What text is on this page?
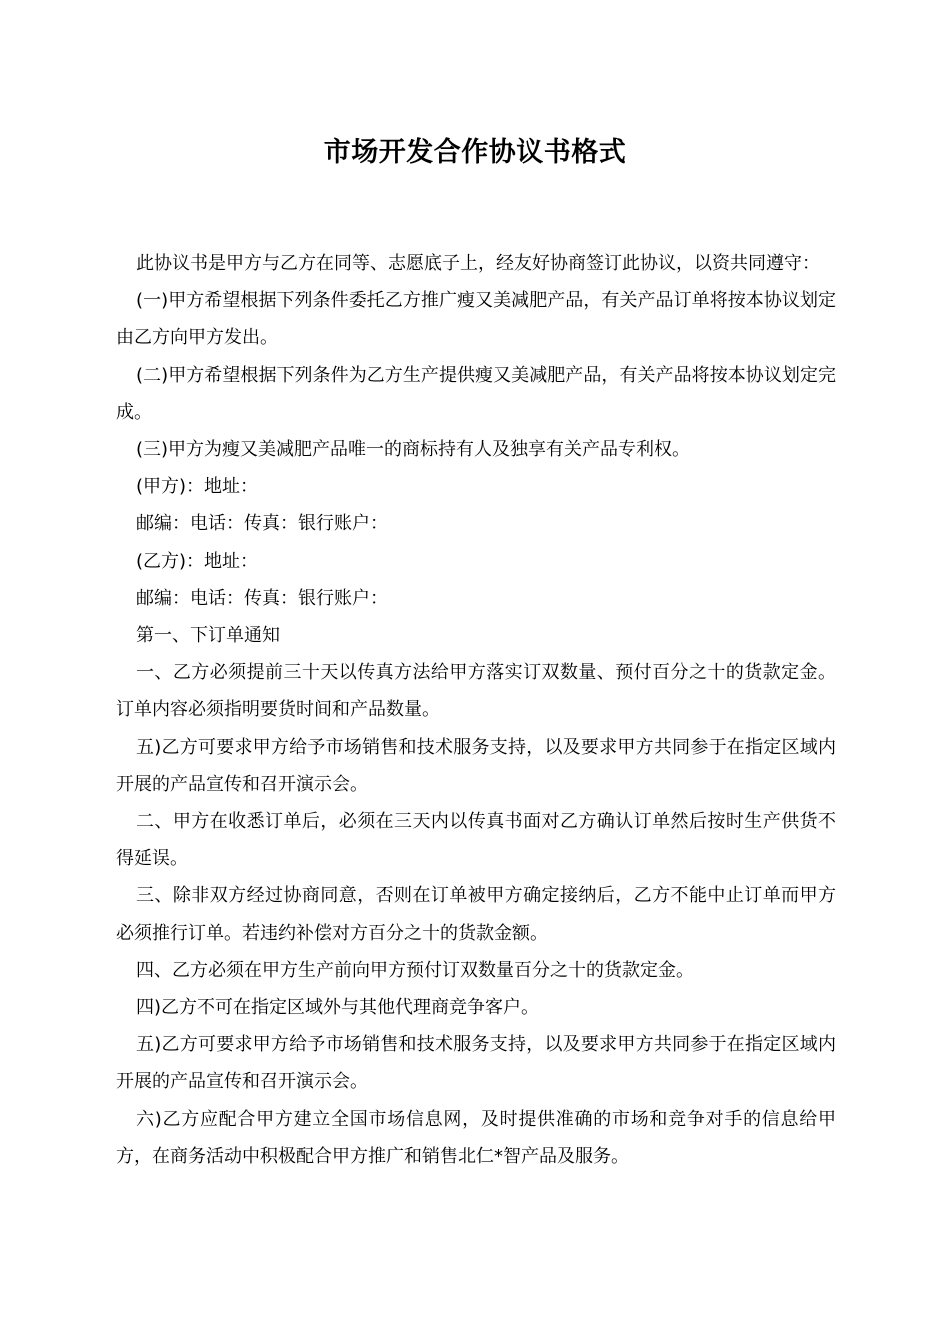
市场开发合作协议书格式

此协议书是甲方与乙方在同等、志愿底子上，经友好协商签订此协议，以资共同遵守：

(一)甲方希望根据下列条件委托乙方推广瘦又美减肥产品，有关产品订单将按本协议划定由乙方向甲方发出。

(二)甲方希望根据下列条件为乙方生产提供瘦又美减肥产品，有关产品将按本协议划定完成。

(三)甲方为瘦又美减肥产品唯一的商标持有人及独享有关产品专利权。

(甲方)：地址：

邮编：电话：传真：银行账户：

(乙方)：地址：

邮编：电话：传真：银行账户：

第一、下订单通知

一、乙方必须提前三十天以传真方法给甲方落实订双数量、预付百分之十的货款定金。订单内容必须指明要货时间和产品数量。

五)乙方可要求甲方给予市场销售和技术服务支持，以及要求甲方共同参于在指定区域内开展的产品宣传和召开演示会。

二、甲方在收悉订单后，必须在三天内以传真书面对乙方确认订单然后按时生产供货不得延误。

三、除非双方经过协商同意，否则在订单被甲方确定接纳后，乙方不能中止订单而甲方必须推行订单。若违约补偿对方百分之十的货款金额。

四、乙方必须在甲方生产前向甲方预付订双数量百分之十的货款定金。

四)乙方不可在指定区域外与其他代理商竞争客户。

五)乙方可要求甲方给予市场销售和技术服务支持，以及要求甲方共同参于在指定区域内开展的产品宣传和召开演示会。

六)乙方应配合甲方建立全国市场信息网，及时提供准确的市场和竞争对手的信息给甲方，在商务活动中积极配合甲方推广和销售北仁*智产品及服务。
